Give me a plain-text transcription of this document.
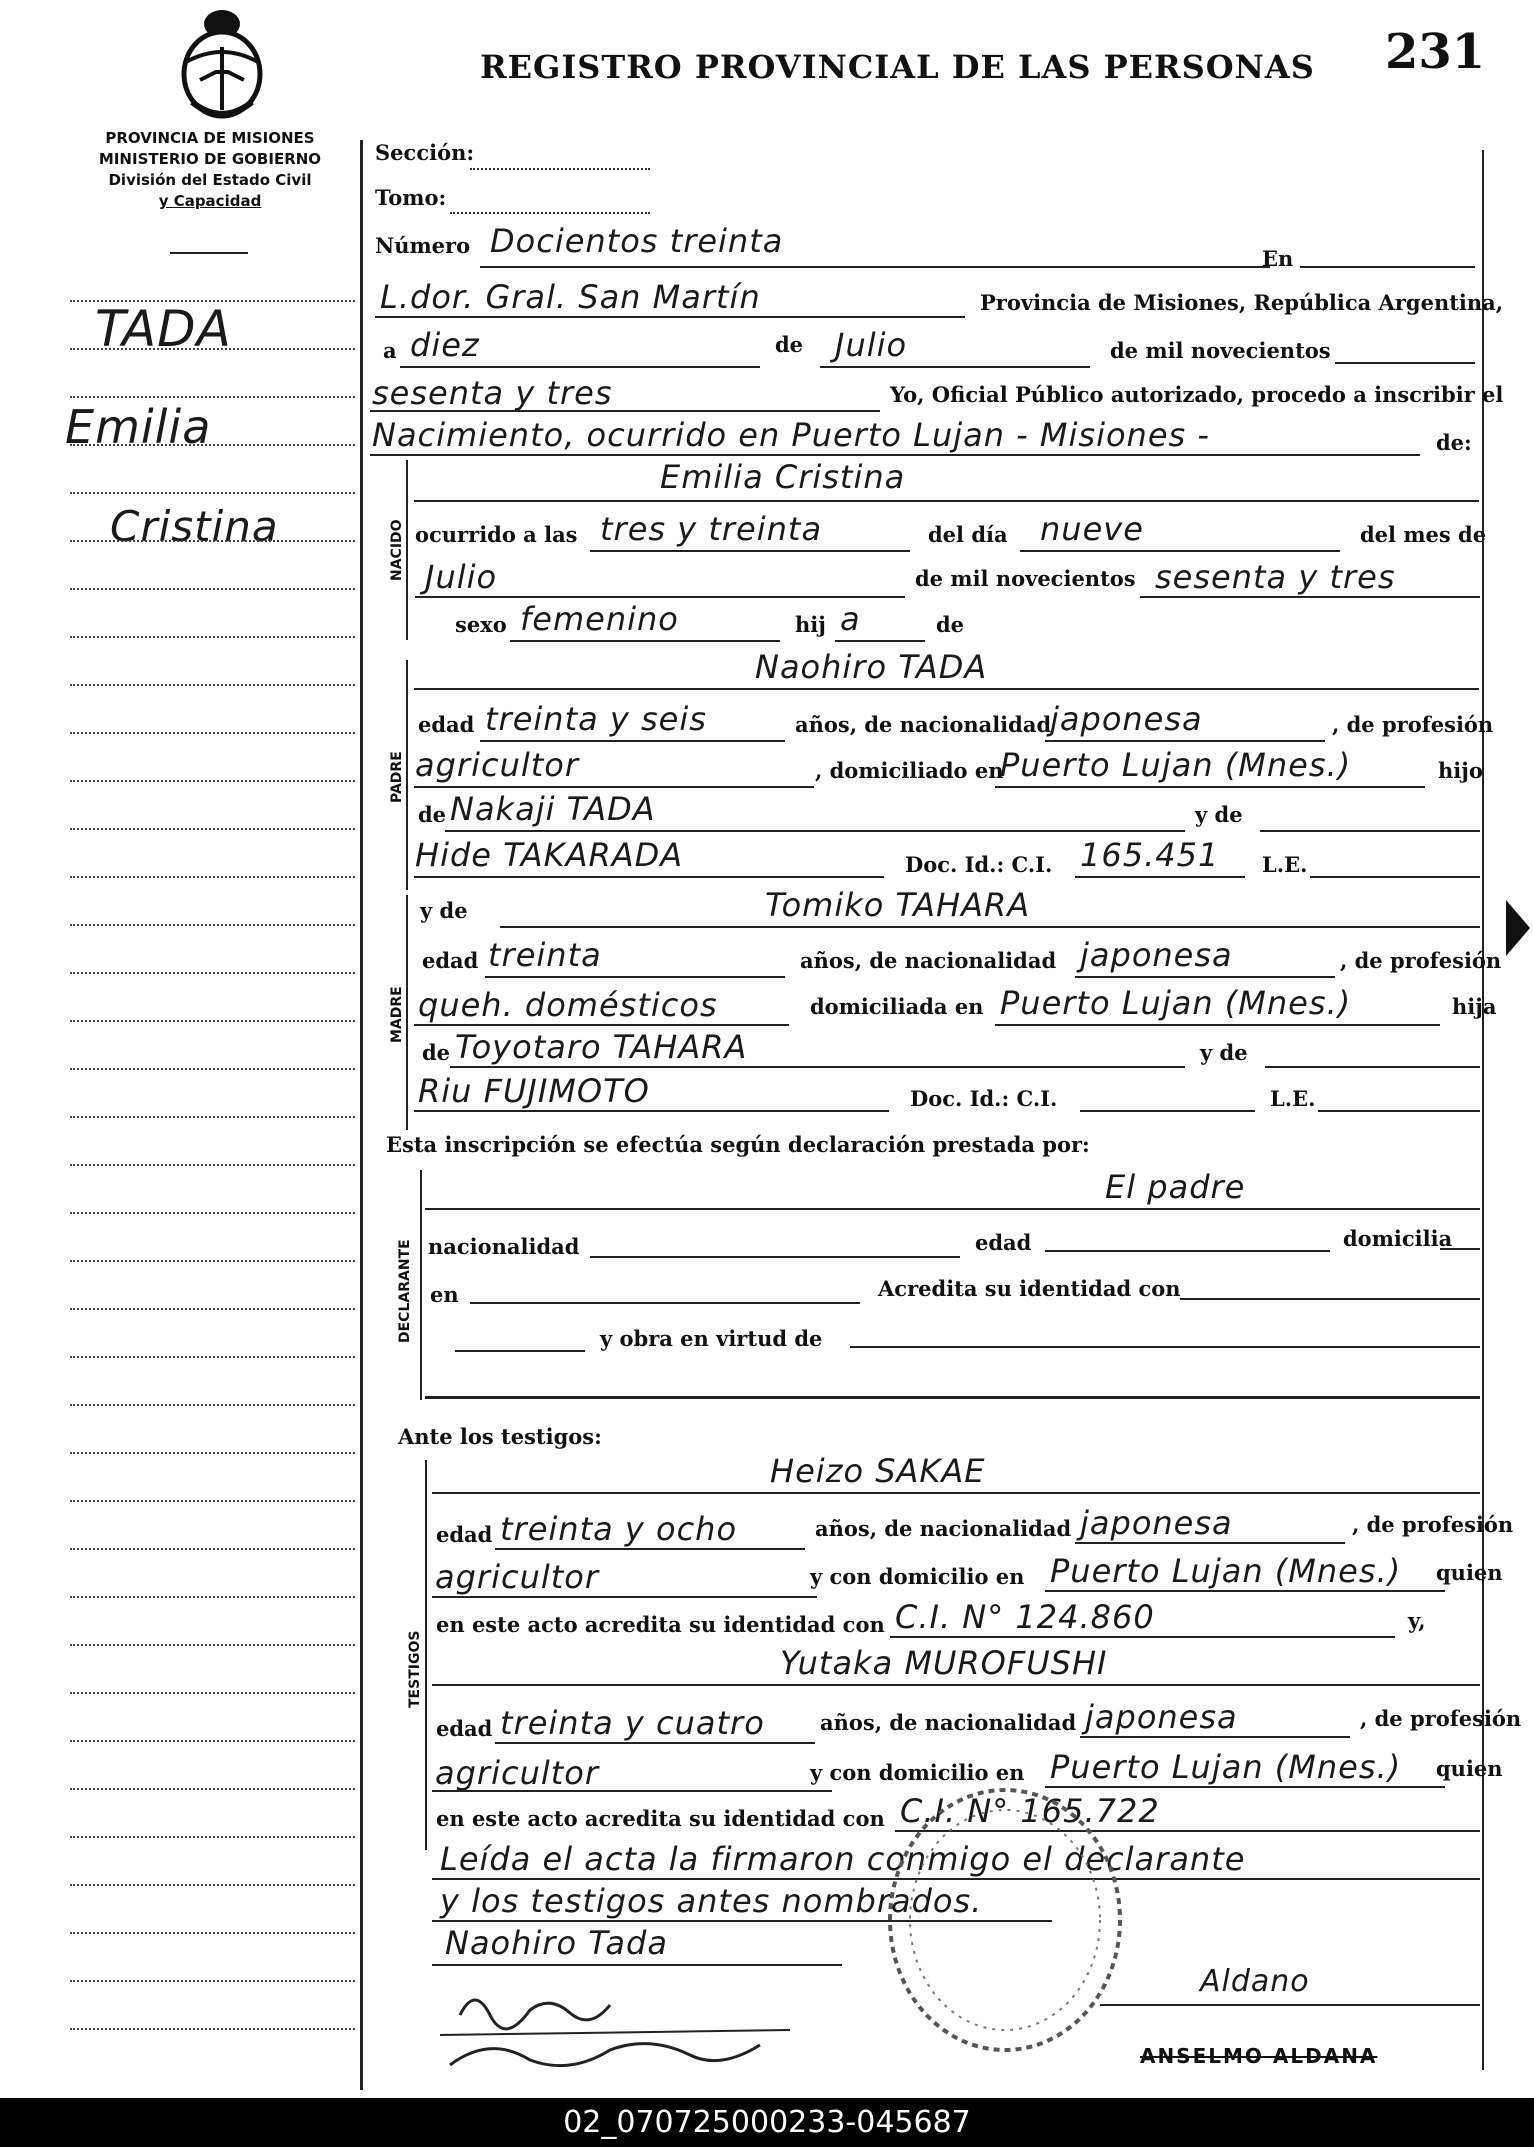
REGISTRO PROVINCIAL DE LAS PERSONAS 231
PROVINCIA DE MISIONES
MINISTERIO DE GOBIERNO
División del Estado Civil
y Capacidad
TADA
Emilia
Cristina
Sección:
Tomo:
Número Docientos treinta	En
L.dor. Gral. San Martín	Provincia de Misiones, República Argentina,
a diez	de Julio	de mil novecientos
sesenta y tres	Yo, Oficial Público autorizado, procedo a inscribir el
Nacimiento, ocurrido en Puerto Lujan - Misiones -	de:
NACIDO
Emilia Cristina
ocurrido a las tres y treinta	del día nueve	del mes de
Julio	de mil novecientos sesenta y tres
sexo femenino	hij a	de
PADRE
Naohiro TADA
edad treinta y seis	años, de nacionalidad
japonesa	, de profesión
agricultor	, domiciliado en
Puerto Lujan (Mnes.)	hijo
de Nakaji TADA	y de
Hide TAKARADA	Doc. Id.: C.I. 165.451 L.E.
MADRE
y de	Tomiko TAHARA
edad treinta	años, de nacionalidad japonesa	, de profesión
queh. domésticos	domiciliada en Puerto Lujan (Mnes.)	hija
de Toyotaro TAHARA	y de
Riu FUJIMOTO	Doc. Id.: C.I.	L.E.
Esta inscripción se efectúa según declaración prestada por:
DECLARANTE
El padre
nacionalidad	edad	domicilia
en	Acredita su identidad con
y obra en virtud de
Ante los testigos:
TESTIGOS
Heizo SAKAE
edad treinta y ocho	años, de nacionalidad japonesa	, de profesión
agricultor	y con domicilio en Puerto Lujan (Mnes.) quien
en este acto acredita su identidad con C.I. N° 124.860	y,
Yutaka MUROFUSHI
edad treinta y cuatro	años, de nacionalidad japonesa	, de profesión
agricultor	y con domicilio en Puerto Lujan (Mnes.) quien
en este acto acredita su identidad con C.I. N° 165.722
Leída el acta la firmaron conmigo el declarante
y los testigos antes nombrados.
Naohiro Tada
Aldano
ANSELMO ALDANA
02_070725000233-045687
